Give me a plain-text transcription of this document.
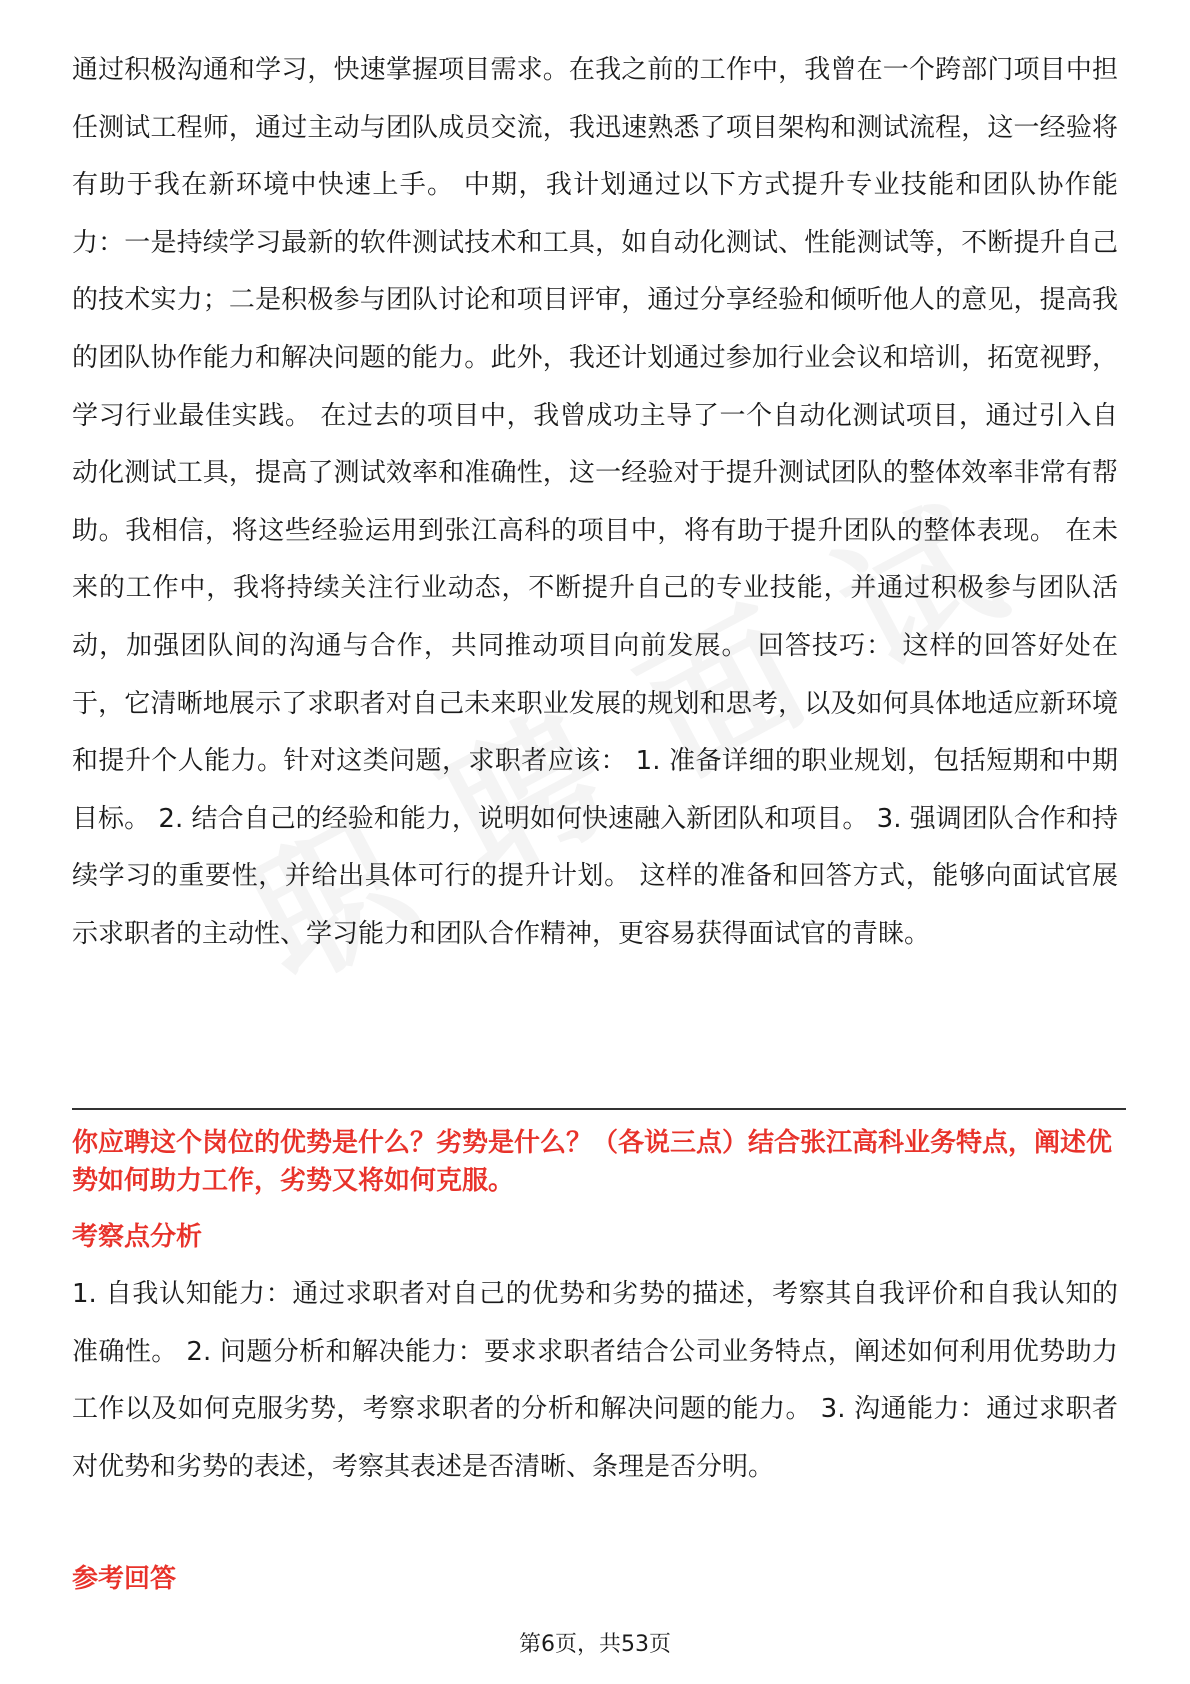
通过积极沟通和学习，快速掌握项目需求。在我之前的工作中，我曾在一个跨部门项目中担任测试工程师，通过主动与团队成员交流，我迅速熟悉了项目架构和测试流程，这一经验将有助于我在新环境中快速上手。 中期，我计划通过以下方式提升专业技能和团队协作能力：一是持续学习最新的软件测试技术和工具，如自动化测试、性能测试等，不断提升自己的技术实力；二是积极参与团队讨论和项目评审，通过分享经验和倾听他人的意见，提高我的团队协作能力和解决问题的能力。此外，我还计划通过参加行业会议和培训，拓宽视野，学习行业最佳实践。 在过去的项目中，我曾成功主导了一个自动化测试项目，通过引入自动化测试工具，提高了测试效率和准确性，这一经验对于提升测试团队的整体效率非常有帮助。我相信，将这些经验运用到张江高科的项目中，将有助于提升团队的整体表现。 在未来的工作中，我将持续关注行业动态，不断提升自己的专业技能，并通过积极参与团队活动，加强团队间的沟通与合作，共同推动项目向前发展。 回答技巧： 这样的回答好处在于，它清晰地展示了求职者对自己未来职业发展的规划和思考，以及如何具体地适应新环境和提升个人能力。针对这类问题，求职者应该： 1. 准备详细的职业规划，包括短期和中期目标。 2. 结合自己的经验和能力，说明如何快速融入新团队和项目。 3. 强调团队合作和持续学习的重要性，并给出具体可行的提升计划。 这样的准备和回答方式，能够向面试官展示求职者的主动性、学习能力和团队合作精神，更容易获得面试官的青睐。

你应聘这个岗位的优势是什么？劣势是什么？（各说三点）结合张江高科业务特点，阐述优势如何助力工作，劣势又将如何克服。

考察点分析

1. 自我认知能力：通过求职者对自己的优势和劣势的描述，考察其自我评价和自我认知的准确性。 2. 问题分析和解决能力：要求求职者结合公司业务特点，阐述如何利用优势助力工作以及如何克服劣势，考察求职者的分析和解决问题的能力。 3. 沟通能力：通过求职者对优势和劣势的表述，考察其表述是否清晰、条理是否分明。

参考回答
第6页，共53页
